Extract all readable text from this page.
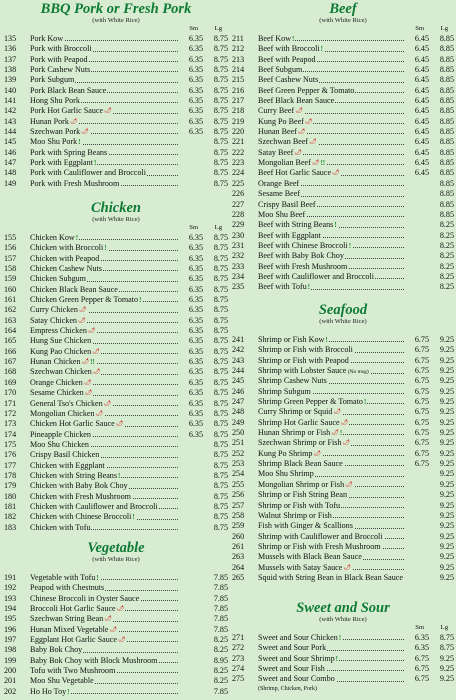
BBQ Pork or Fresh Pork
(with White Rice)
Sm	Lg
135	Pork Kow	6.35	8.75
136	Pork with Broccoli	6.35	8.75
137	Pork with Peapod	6.35	8.75
138	Pork Cashew Nuts	6.35	8.75
139	Pork Subgum	6.35	8.75
140	Pork Black Bean Sauce	6.35	8.75
141	Hong Shu Pork	6.35	8.75
142	Pork Hot Garlic Sauce🌶	6.35	8.75
143	Hunan Pork🌶	6.35	8.75
144	Szechwan Pork🌶	6.35	8.75
145	Moo Shu Pork!	8.75
146	Pork with Spring Beans	8.75
147	Pork with Eggplant!	8.75
148	Pork with Cauliflower and Broccoli	8.75
149	Pork with Fresh Mushroom	8.75
Chicken
(with White Rice)
Sm	Lg
155	Chicken Kow!	6.35	8.75
156	Chicken with Broccoli!	6.35	8.75
157	Chicken with Peapod	6.35	8.75
158	Chicken Cashew Nuts	6.35	8.75
159	Chicken Subgum	6.35	8.75
160	Chicken Black Bean Sauce	6.35	8.75
161	Chicken Green Pepper & Tomato!	6.35	8.75
162	Curry Chicken🌶	6.35	8.75
163	Satay Chicken🌶	6.35	8.75
164	Empress Chicken🌶	6.35	8.75
165	Hung Sue Chicken	6.35	8.75
166	Kung Pao Chicken🌶	6.35	8.75
167	Hunan Chicken🌶!!	6.35	8.75
168	Szechwan Chicken🌶	6.35	8.75
169	Orange Chicken🌶	6.35	8.75
170	Sesame Chicken🌶	6.35	8.75
171	General Tso's Chicken🌶	6.35	8.75
172	Mongolian Chicken🌶	6.35	8.75
173	Chicken Hot Garlic Sauce🌶	6.35	8.75
174	Pineapple Chicken	6.35	8.75
175	Moo Shu Chicken	8.75
176	Crispy Basil Chicken	8.75
177	Chicken with Eggplant	8.75
178	Chicken with String Beans!	8.75
179	Chicken with Baby Bok Choy	8.75
180	Chicken with Fresh Mushroom	8.75
181	Chicken with Cauliflower and Broccoli	8.75
182	Chicken with Chinese Broccoli!	8.75
183	Chicken with Tofu	8.75
Vegetable
(with White Rice)
191	Vegetable with Tofu!	7.85
192	Peapod with Chestnuts	7.85
193	Chinese Broccoli in Oyster Sauce	7.85
194	Broccoli Hot Garlic Sauce🌶	7.85
195	Szechwan String Bean🌶	7.85
196	Hunan Mixed Vegetable🌶	7.85
197	Eggplant Hot Garlic Sauce🌶	8.25
198	Baby Bok Choy	8.25
199	Baby Bok Choy with Block Mushroom	8.95
200	Tofu with Two Mushroom	8.25
201	Moo Shu Vegetable	8.25
202	Ho Ho Toy!	7.85
Beef
(with White Rice)
Sm	Lg
211	Beef Kow!	6.45	8.85
212	Beef with Broccoli!	6.45	8.85
213	Beef with Peapod	6.45	8.85
214	Beef Subgum	6.45	8.85
215	Beef Cashew Nuts	6.45	8.85
216	Beef Green Pepper & Tomato	6.45	8.85
217	Beef Black Bean Sauce	6.45	8.85
218	Curry Beef🌶	6.45	8.85
219	Kung Po Beef🌶	6.45	8.85
220	Hunan Beef🌶	6.45	8.85
221	Szechwan Beef🌶	6.45	8.85
222	Satay Beef🌶	6.45	8.85
223	Mongolian Beef🌶!!	6.45	8.85
224	Beef Hot Garlic Sauce🌶	6.45	8.85
225	Orange Beef	8.85
226	Sesame Beef	8.85
227	Crispy Basil Beef	8.85
228	Moo Shu Beef	8.85
229	Beef with String Beans!	8.25
230	Beef with Eggplant	8.25
231	Beef with Chinese Broccoli!	8.25
232	Beef with Baby Bok Choy	8.25
233	Beef with Fresh Mushroom	8.25
234	Beef with Cauliflower and Broccoli	8.25
235	Beef with Tofu!	8.25
Seafood
(with White Rice)
241	Shrimp or Fish Kow!	6.75	9.25
242	Shrimp or Fish with Broccoli	6.75	9.25
243	Shrimp or Fish with Peapod	6.75	9.25
244	Shrimp with Lobster Sauce (No msg)	6.75	9.25
245	Shrimp Cashew Nuts	6.75	9.25
246	Shrimp Subgum	6.75	9.25
247	Shrimp Green Pepper & Tomato!	6.75	9.25
248	Curry Shrimp or Squid🌶	6.75	9.25
249	Shrimp Hot Garlic Sauce🌶	6.75	9.25
250	Hunan Shrimp or Fish🌶!	6.75	9.25
251	Szechwan Shrimp or Fish🌶	6.75	9.25
252	Kung Po Shrimp🌶	6.75	9.25
253	Shrimp Black Bean Sauce	6.75	9.25
254	Moo Shu Shrimp	9.25
255	Mongolian Shrimp or Fish🌶	9.25
256	Shrimp or Fish String Bean	9.25
257	Shrimp or Fish with Tofu	9.25
258	Walnut Shrimp or Fish	9.25
259	Fish with Ginger & Scallions	9.25
260	Shrimp with Cauliflower and Broccoli	9.25
261	Shrimp or Fish with Fresh Mushroom	9.25
263	Mussels with Black Bean Sauce	9.25
264	Mussels with Satay Sauce🌶	9.25
265	Squid with String Bean in Black Bean Sauce	9.25
Sweet and Sour
(with White Rice)
Sm	Lg
271	Sweet and Sour Chicken!	6.35	8.75
272	Sweet and Sour Pork	6.35	8.75
273	Sweet and Sour Shrimp!	6.75	9.25
274	Sweet and Sour Fish	6.75	9.25
275	Sweet and Sour Combo	6.75	9.25
(Shrimp, Chicken, Pork)
